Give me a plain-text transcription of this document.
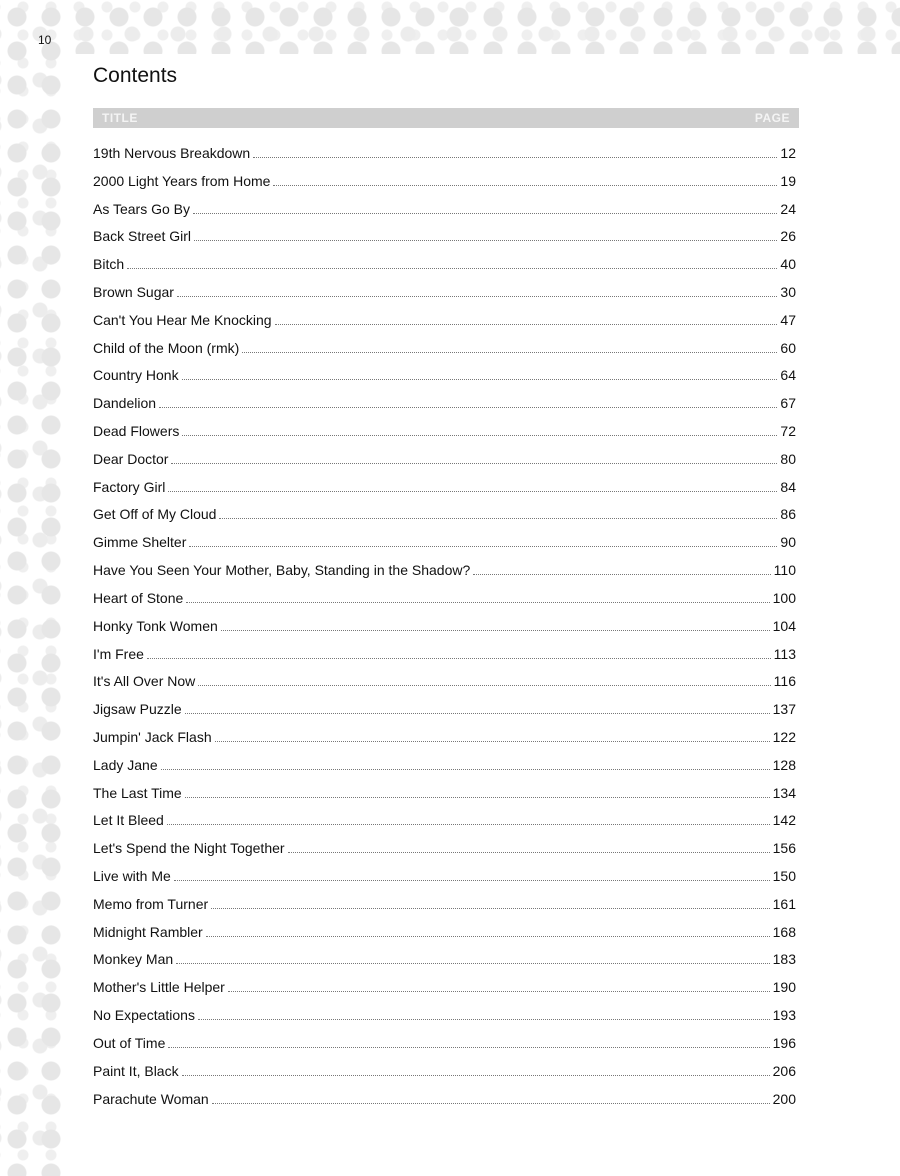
10
Contents
TITLE	PAGE
19th Nervous Breakdown	12
2000 Light Years from Home	19
As Tears Go By	24
Back Street Girl	26
Bitch	40
Brown Sugar	30
Can't You Hear Me Knocking	47
Child of the Moon (rmk)	60
Country Honk	64
Dandelion	67
Dead Flowers	72
Dear Doctor	80
Factory Girl	84
Get Off of My Cloud	86
Gimme Shelter	90
Have You Seen Your Mother, Baby, Standing in the Shadow?	110
Heart of Stone	100
Honky Tonk Women	104
I'm Free	113
It's All Over Now	116
Jigsaw Puzzle	137
Jumpin' Jack Flash	122
Lady Jane	128
The Last Time	134
Let It Bleed	142
Let's Spend the Night Together	156
Live with Me	150
Memo from Turner	161
Midnight Rambler	168
Monkey Man	183
Mother's Little Helper	190
No Expectations	193
Out of Time	196
Paint It, Black	206
Parachute Woman	200
